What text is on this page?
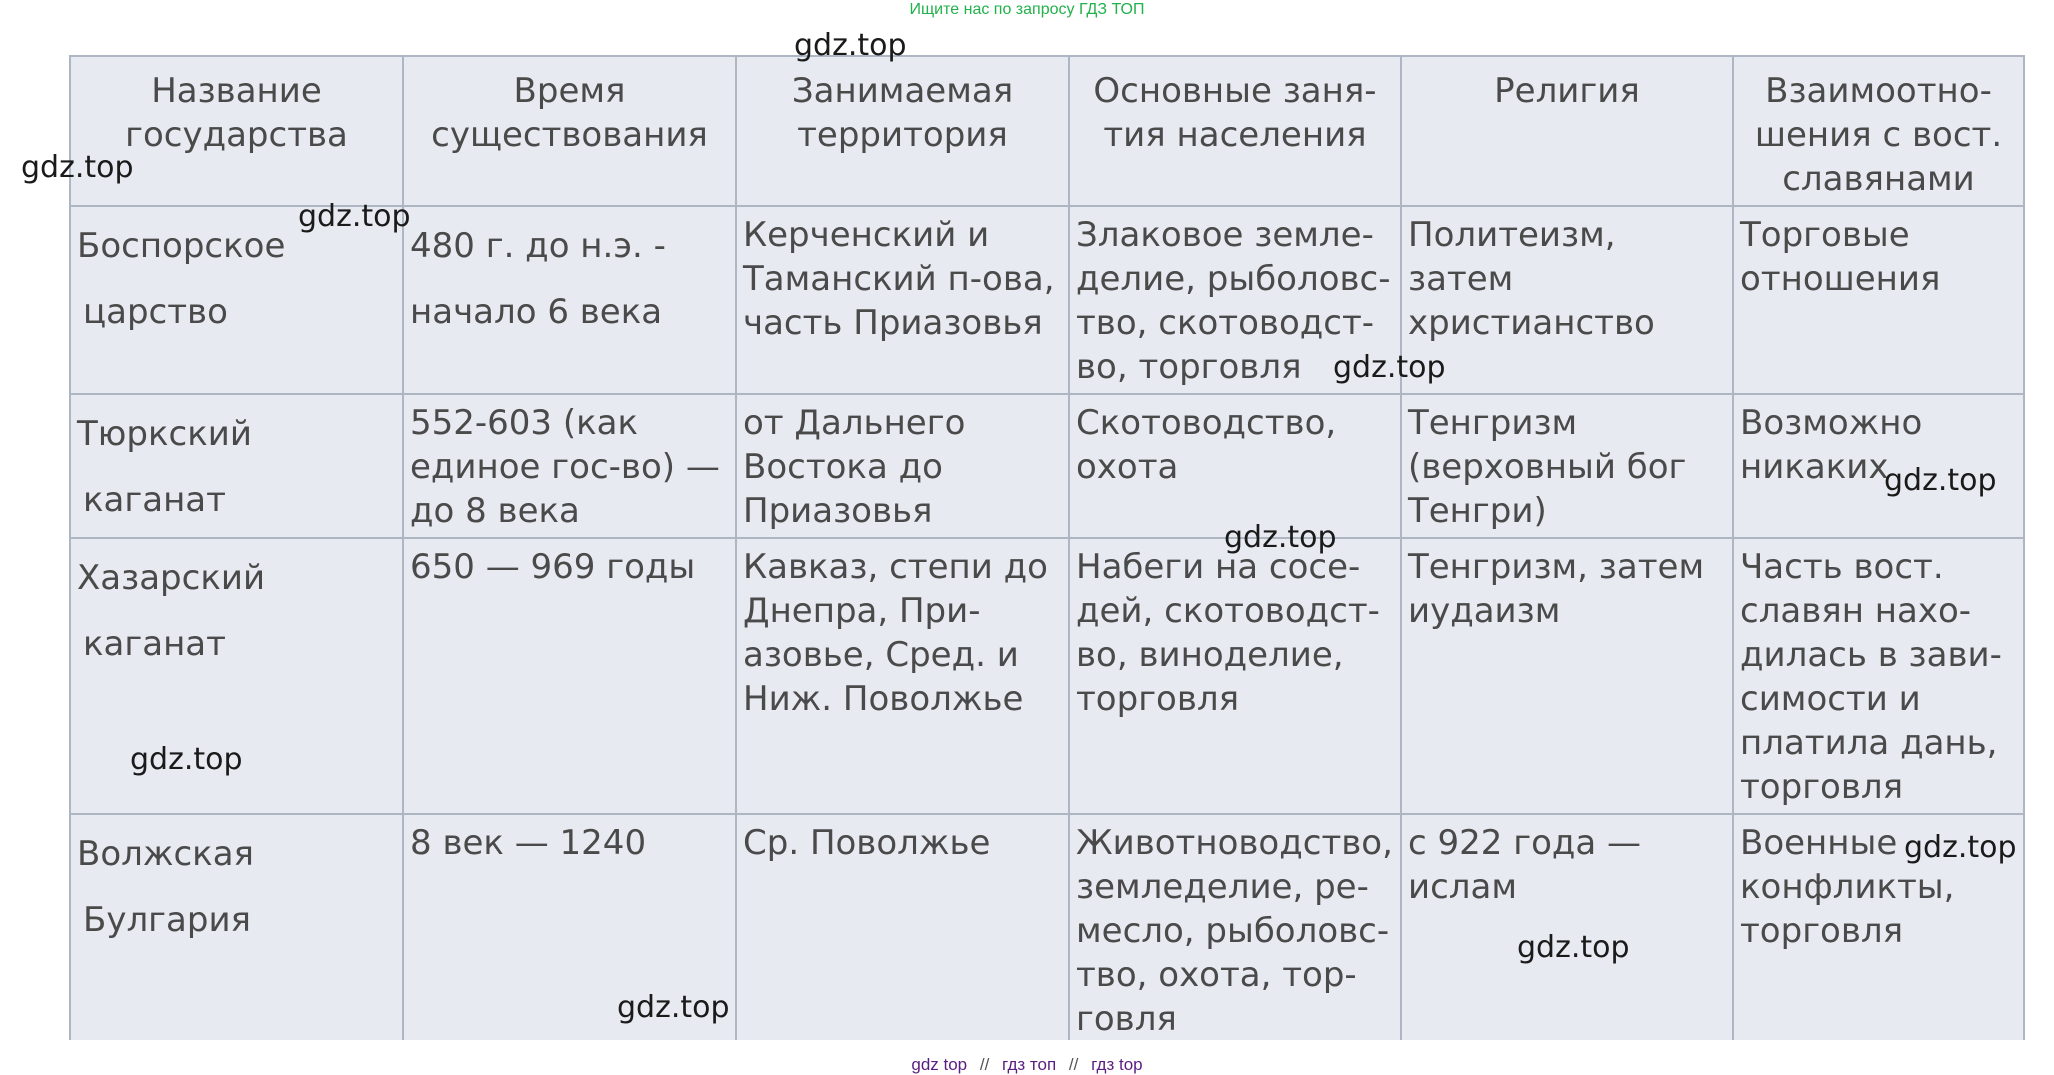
Ищите нас по запросу ГДЗ ТОП
Название государства	Время существования	Занимаемая территория	Основные заня-тия населения	Религия	Взаимоотно-шения с вост. славянами

Боспорское
царство	480 г. до н.э. - начало 6 века	Керченский и Таманский п-ова, часть Приазовья	Злаковое земле-делие, рыболовс-тво, скотоводст-во, торговля	Политеизм, затем христианство	Торговые отношения

Тюркский
каганат	552-603 (как единое гос-во) — до 8 века	от Дальнего Востока до Приазовья	Скотоводство, охота	Тенгризм (верховный бог Тенгри)	Возможно никаких

Хазарский
каганат	650 — 969 годы	Кавказ, степи до Днепра, При-азовье, Сред. и Ниж. Поволжье	Набеги на сосе-дей, скотоводст-во, виноделие, торговля	Тенгризм, затем иудаизм	Часть вост. славян нахо-дилась в зави-симости и платила дань, торговля

Волжская
Булгария	8 век — 1240	Ср. Поволжье	Животноводство, земледелие, ре-месло, рыболовс-тво, охота, тор-говля	с 922 года — ислам	Военные конфликты, торговля
gdz.top
gdz.top
gdz.top
gdz.top
gdz.top
gdz.top
gdz.top
gdz.top
gdz.top
gdz.top
gdz top // гдз топ // гдз top
